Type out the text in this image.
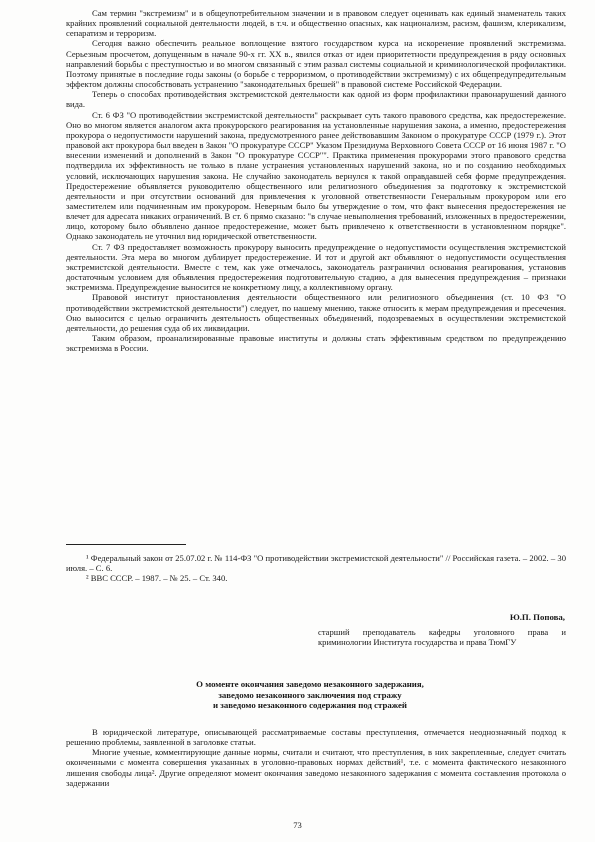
Сам термин "экстремизм" и в общеупотребительном значении и в правовом следует оценивать как единый знаменатель таких крайних проявлений социальной деятельности людей, в т.ч. и общественно опасных, как национализм, расизм, фашизм, клерикализм, сепаратизм и терроризм.

Сегодня важно обеспечить реальное воплощение взятого государством курса на искоренение проявлений экстремизма. Серьезным просчетом, допущенным в начале 90-х гг. XX в., явился отказ от идеи приоритетности предупреждения в ряду основных направлений борьбы с преступностью и во многом связанный с этим развал системы социальной и криминологической профилактики. Поэтому принятые в последние годы законы (о борьбе с терроризмом, о противодействии экстремизму) с их общепредупредительным эффектом должны способствовать устранению "законодательных брешей" в правовой системе Российской Федерации.

Теперь о способах противодействия экстремистской деятельности как одной из форм профилактики правонарушений данного вида.

Ст. 6 ФЗ "О противодействии экстремистской деятельности" раскрывает суть такого правового средства, как предостережение. Оно во многом является аналогом акта прокурорского реагирования на установленные нарушения закона, а именно, предостережения прокурора о недопустимости нарушений закона, предусмотренного ранее действовавшим Законом о прокуратуре СССР (1979 г.). Этот правовой акт прокурора был введен в Закон "О прокуратуре СССР" Указом Президиума Верховного Совета СССР от 16 июня 1987 г. "О внесении изменений и дополнений в Закон "О прокуратуре СССР"". Практика применения прокурорами этого правового средства подтвердила их эффективность не только в плане устранения установленных нарушений закона, но и по созданию необходимых условий, исключающих нарушения закона. Не случайно законодатель вернулся к такой оправдавшей себя форме предупреждения. Предостережение объявляется руководителю общественного или религиозного объединения за подготовку к экстремистской деятельности и при отсутствии оснований для привлечения к уголовной ответственности Генеральным прокурором или его заместителем или подчиненным им прокурором. Неверным было бы утверждение о том, что факт вынесения предостережения не влечет для адресата никаких ограничений. В ст. 6 прямо сказано: "в случае невыполнения требований, изложенных в предостережении, лицо, которому было объявлено данное предостережение, может быть привлечено к ответственности в установленном порядке". Однако законодатель не уточнил вид юридической ответственности.

Ст. 7 ФЗ предоставляет возможность прокурору выносить предупреждение о недопустимости осуществления экстремистской деятельности. Эта мера во многом дублирует предостережение. И тот и другой акт объявляют о недопустимости осуществления экстремистской деятельности. Вместе с тем, как уже отмечалось, законодатель разграничил основания реагирования, установив достаточным условием для объявления предостережения подготовительную стадию, а для вынесения предупреждения – признаки экстремизма. Предупреждение выносится не конкретному лицу, а коллективному органу.

Правовой институт приостановления деятельности общественного или религиозного объединения (ст. 10 ФЗ "О противодействии экстремистской деятельности") следует, по нашему мнению, также относить к мерам предупреждения и пресечения. Оно выносится с целью ограничить деятельность общественных объединений, подозреваемых в осуществлении экстремистской деятельности, до решения суда об их ликвидации.

Таким образом, проанализированные правовые институты и должны стать эффективным средством по предупреждению экстремизма в России.

¹ Федеральный закон от 25.07.02 г. № 114-ФЗ "О противодействии экстремистской деятельности" // Российская газета. – 2002. – 30 июля. – С. 6.

² ВВС СССР. – 1987. – № 25. – Ст. 340.

Ю.П. Попова,
старший преподаватель кафедры уголовного права и криминологии Института государства и права ТюмГУ
О моменте окончания заведомо незаконного задержания,
заведомо незаконного заключения под стражу
и заведомо незаконного содержания под стражей

В юридической литературе, описывающей рассматриваемые составы преступления, отмечается неоднозначный подход к решению проблемы, заявленной в заголовке статьи.

Многие ученые, комментирующие данные нормы, считали и считают, что преступления, в них закрепленные, следует считать оконченными с момента совершения указанных в уголовно-правовых нормах действий¹, т.е. с момента фактического незаконного лишения свободы лица². Другие определяют момент окончания заведомо незаконного задержания с момента составления протокола о задержании

73
